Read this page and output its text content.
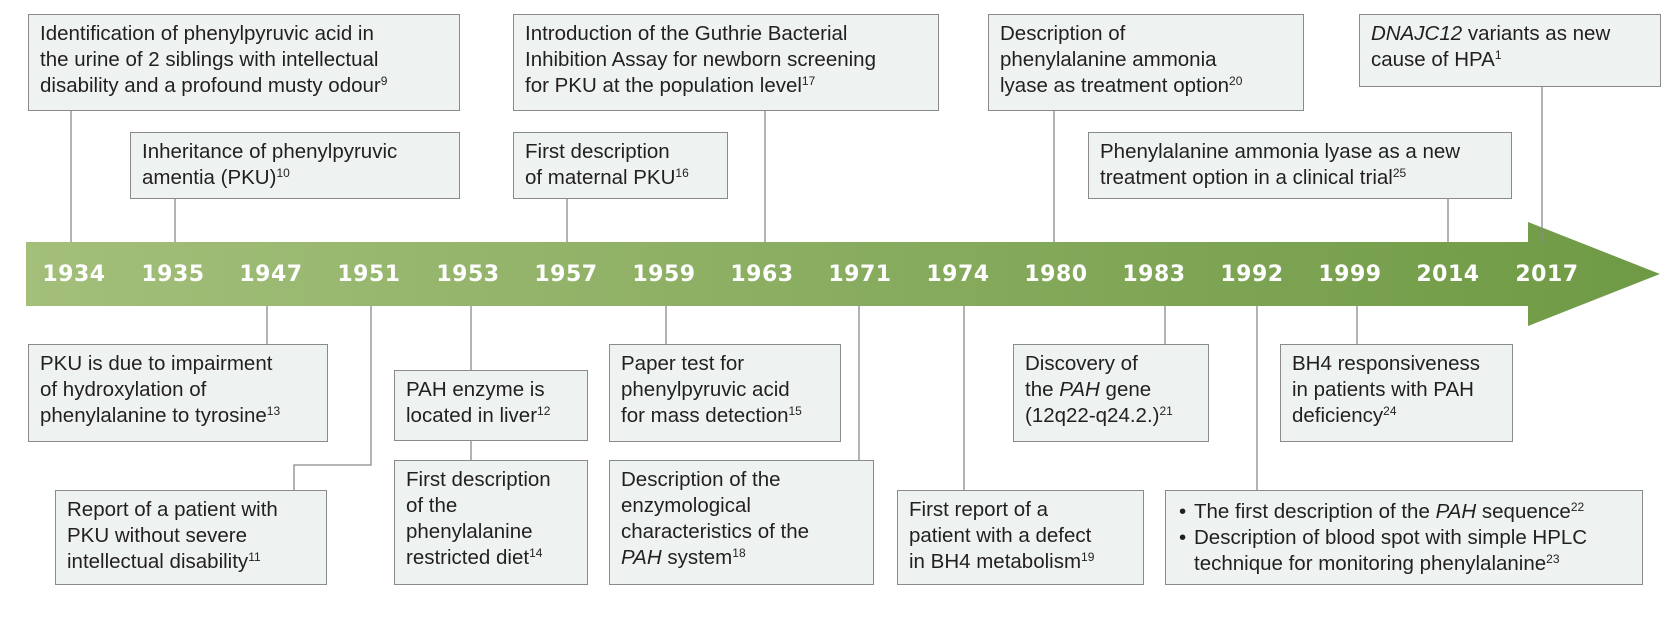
1934	1935	1947	1951	1953	1957	1959	1963	1971	1974	1980	1983	1992	1999	2014	2017
Identification of phenylpyruvic acid in
the urine of 2 siblings with intellectual
disability and a profound musty odour$^9$
Inheritance of phenylpyruvic
amentia (PKU)$^{10}$
Introduction of the Guthrie Bacterial
Inhibition Assay for newborn screening
for PKU at the population level$^{17}$
First description
of maternal PKU$^{16}$
Description of
phenylalanine ammonia
lyase as treatment option$^{20}$
Phenylalanine ammonia lyase as a new
treatment option in a clinical trial$^{25}$
DNAJC12 variants as new
cause of HPA$^1$
PKU is due to impairment
of hydroxylation of
phenylalanine to tyrosine$^{13}$
Report of a patient with
PKU without severe
intellectual disability$^{11}$
PAH enzyme is
located in liver$^{12}$
First description
of the
phenylalanine
restricted diet$^{14}$
Paper test for
phenylpyruvic acid
for mass detection$^{15}$
Description of the
enzymological
characteristics of the
PAH system$^{18}$
First report of a
patient with a defect
in BH4 metabolism$^{19}$
Discovery of
the PAH gene
$(12q22-q24.2.)^{21}$
• The first description of the PAH sequence$^{22}$
• Description of blood spot with simple HPLC
technique for monitoring phenylalanine$^{23}$
BH4 responsiveness
in patients with PAH
deficiency$^{24}$
